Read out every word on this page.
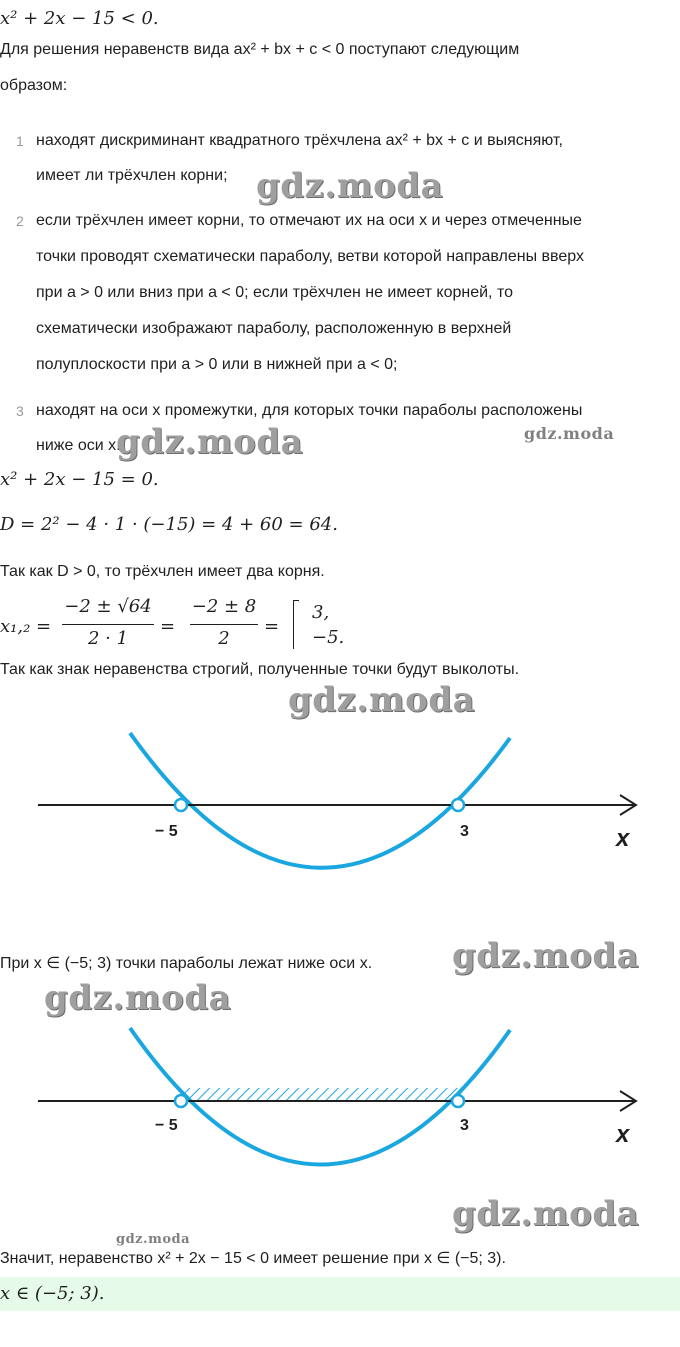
x² + 2x − 15 < 0.
Для решения неравенств вида ax² + bx + c < 0 поступают следующим
образом:
1 находят дискриминант квадратного трёхчлена ax² + bx + c и выясняют,
имеет ли трёхчлен корни;
2 если трёхчлен имеет корни, то отмечают их на оси x и через отмеченные
точки проводят схематически параболу, ветви которой направлены вверх
при a > 0 или вниз при a < 0; если трёхчлен не имеет корней, то
схематически изображают параболу, расположенную в верхней
полуплоскости при a > 0 или в нижней при a < 0;
3 находят на оси x промежутки, для которых точки параболы расположены
ниже оси x.
x² + 2x − 15 = 0.
D = 2² − 4 · 1 · (−15) = 4 + 60 = 64.
Так как D > 0, то трёхчлен имеет два корня.
x₁,₂ =
−2 ± √64
2 · 1
=
−2 ± 8
2
=
3,
−5.
Так как знак неравенства строгий, полученные точки будут выколоты.
− 5	3	x
При x ∈ (−5; 3) точки параболы лежат ниже оси x.
− 5	3	x
Значит, неравенство x² + 2x − 15 < 0 имеет решение при x ∈ (−5; 3).
x ∈ (−5; 3).
gdz.moda
gdz.moda	gdz.moda
gdz.moda
gdz.moda
gdz.moda
gdz.moda
gdz.moda
